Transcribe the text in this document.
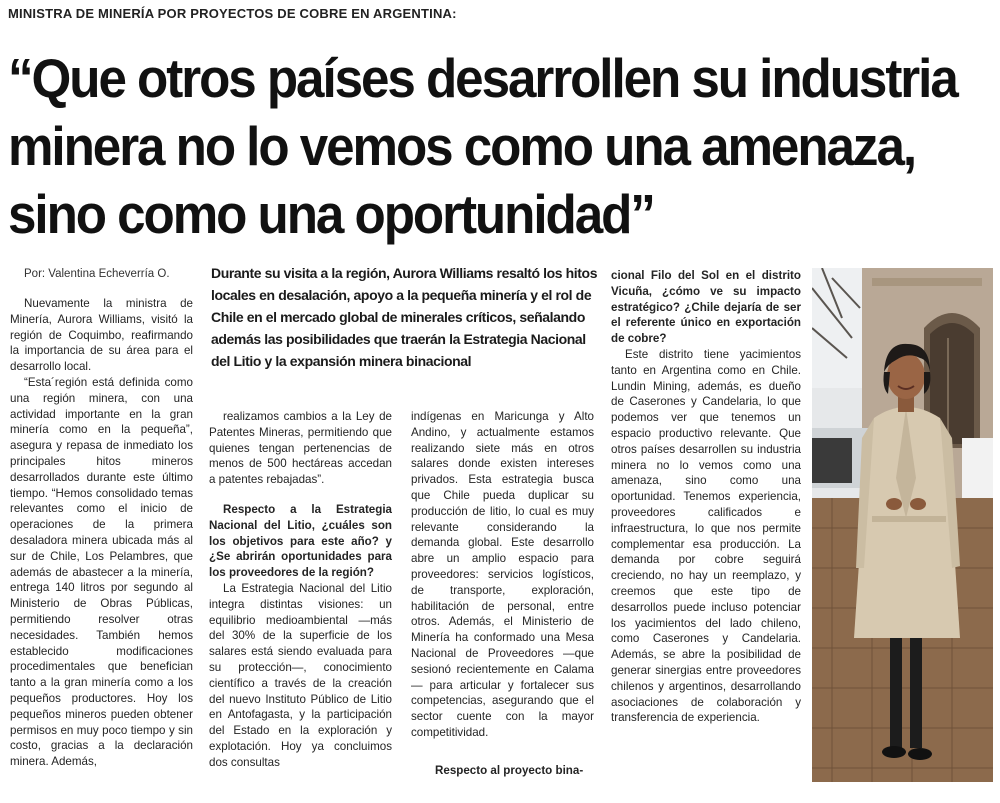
MINISTRA DE MINERÍA POR PROYECTOS DE COBRE EN ARGENTINA:
“Que otros países desarrollen su industria
minera no lo vemos como una amenaza,
sino como una oportunidad”
Por: Valentina Echeverría O.	Durante su visita a la región, Aurora Williams resaltó los hitos locales en desalación, apoyo a la pequeña minería y el rol de Chile en el mercado global de minerales críticos, señalando además las posibilidades que traerán la Estrategia Nacional del Litio y la expansión minera binacional

Nuevamente la ministra de Minería, Aurora Williams, visitó la región de Coquimbo, reafirmando la importancia de su área para el desarrollo local.

“Esta´región está definida como una región minera, con una actividad importante en la gran minería como en la pequeña”, asegura y repasa de inmediato los principales hitos mineros desarrollados durante este último tiempo. “Hemos consolidado temas relevantes como el inicio de operaciones de la primera desaladora minera ubicada más al sur de Chile, Los Pelambres, que además de abastecer a la minería, entrega 140 litros por segundo al Ministerio de Obras Públicas, permitiendo resolver otras necesidades. También hemos establecido modificaciones procedimentales que benefician tanto a la gran minería como a los pequeños productores. Hoy los pequeños mineros pueden obtener permisos en muy poco tiempo y sin costo, gracias a la declaración minera. Además,

realizamos cambios a la Ley de Patentes Mineras, permitiendo que quienes tengan pertenencias de menos de 500 hectáreas accedan a patentes rebajadas”.

Respecto a la Estrategia Nacional del Litio, ¿cuáles son los objetivos para este año? y ¿Se abrirán oportunidades para los proveedores de la región?

La Estrategia Nacional del Litio integra distintas visiones: un equilibrio medioambiental —más del 30% de la superficie de los salares está siendo evaluada para su protección—, conocimiento científico a través de la creación del nuevo Instituto Público de Litio en Antofagasta, y la participación del Estado en la exploración y explotación. Hoy ya concluimos dos consultas

indígenas en Maricunga y Alto Andino, y actualmente estamos realizando siete más en otros salares donde existen intereses privados. Esta estrategia busca que Chile pueda duplicar su producción de litio, lo cual es muy relevante considerando la demanda global. Este desarrollo abre un amplio espacio para proveedores: servicios logísticos, de transporte, exploración, habilitación de personal, entre otros. Además, el Ministerio de Minería ha conformado una Mesa Nacional de Proveedores —que sesionó recientemente en Calama— para articular y fortalecer sus competencias, asegurando que el sector cuente con la mayor competitividad.

Respecto al proyecto bina-

cional Filo del Sol en el distrito Vicuña, ¿cómo ve su impacto estratégico? ¿Chile dejaría de ser el referente único en exportación de cobre?

Este distrito tiene yacimientos tanto en Argentina como en Chile. Lundin Mining, además, es dueño de Caserones y Candelaria, lo que podemos ver que tenemos un espacio productivo relevante. Que otros países desarrollen su industria minera no lo vemos como una amenaza, sino como una oportunidad. Tenemos experiencia, proveedores calificados e infraestructura, lo que nos permite complementar esa producción. La demanda por cobre seguirá creciendo, no hay un reemplazo, y creemos que este tipo de desarrollos puede incluso potenciar los yacimientos del lado chileno, como Caserones y Candelaria. Además, se abre la posibilidad de generar sinergias entre proveedores chilenos y argentinos, desarrollando asociaciones de colaboración y transferencia de experiencia.
